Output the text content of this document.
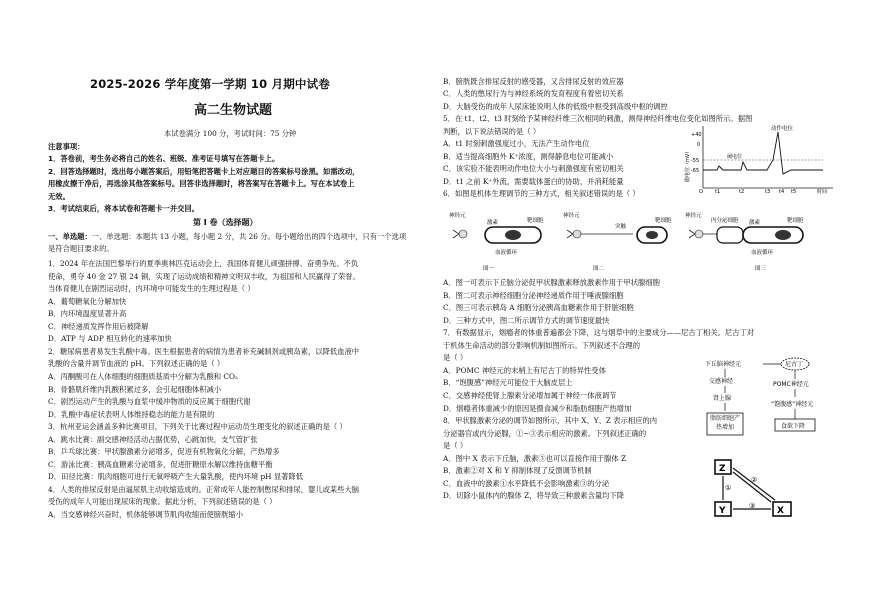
2025-2026 学年度第一学期 10 月期中试卷
高二生物试题
本试卷满分 100 分，考试时间：75 分钟
注意事项：
1．答卷前，考生务必将自己的姓名、班级、准考证号填写在答题卡上。
2．回答选择题时，选出每小题答案后，用铅笔把答题卡上对应题目的答案标号涂黑。如需改动，
用橡皮擦干净后，再选涂其他答案标号。回答非选择题时，将答案写在答题卡上。写在本试卷上
无效。
3．考试结束后，将本试卷和答题卡一并交回。
第 Ⅰ 卷（选择题）
一、单选题：一、单选题：本题共 13 小题，每小题 2 分，共 26 分。每小题给出的四个选项中，只有一个选项
是符合题目要求的。
1．2024 年在法国巴黎举行的夏季奥林匹克运动会上，我国体育健儿顽强拼搏、奋勇争先、不负
使命，勇夺 40 金 27 银 24 铜，实现了运动成绩和精神文明双丰收，为祖国和人民赢得了荣誉。
当体育健儿在剧烈运动时，内环境中可能发生的生理过程是（ ）
A．葡萄糖氧化分解加快
B．内环境温度显著升高
C．神经递质发挥作用后被降解
D．ATP 与 ADP 相互转化的速率加快
2．糖尿病患者易发生乳酸中毒。医生根据患者的病情为患者补充碱制剂或胰岛素，以降低血液中
乳酸的含量并调节血液的 pH。下列叙述正确的是（ ）
A．丙酮酸可在人体细胞的细胞质基质中分解为乳酸和 CO₂
B．骨骼肌纤维内乳酸积累过多，会引起细胞体积减小
C．剧烈运动产生的乳酸与血浆中缓冲物质的反应属于细胞代谢
D．乳酸中毒症状表明人体维持稳态的能力是有限的
3．杭州亚运会涵盖多种比赛项目，下列关于比赛过程中运动员生理变化的叙述正确的是（ ）
A．跳水比赛：副交感神经活动占据优势，心跳加快，支气管扩张
B．乒乓球比赛：甲状腺激素分泌增多，促进有机物氧化分解，产热增多
C．游泳比赛：胰高血糖素分泌增多，促进肝糖原水解以维持血糖平衡
D．田径比赛：肌肉细胞可进行无氧呼吸产生大量乳酸，使内环境 pH 显著降低
4．人类的排尿反射是由逼尿肌主动收缩造成的。正常成年人能控制憋尿和排尿，婴儿或某些大脑
受伤的成年人可能出现尿床的现象。据此分析，下列叙述错误的是（ ）
A．当交感神经兴奋时，机体能够调节肌肉收缩而使膀胱缩小
B．膀胱既含排尿反射的感受器，又含排尿反射的效应器
C．人类的憋尿行为与神经系统的发育程度有着密切关系
D．大脑受伤的成年人尿床能说明人体的低级中枢受到高级中枢的调控
5．在 t1、t2、t3 时刻给予某神经纤维三次相同的刺激，测得神经纤维电位变化如图所示。据图
判断，以下说法错误的是（ ）
A．t1 时刻刺激强度过小，无法产生动作电位
B．适当提高细胞外 K⁺浓度，测得静息电位可能减小
C．该实验不能表明动作电位大小与刺激强度有密切相关
D．t1 之前 K⁺外流，需要载体蛋白的协助，并消耗能量
6．如图是机体生理调节的三种方式，相关叙述错误的是（ ）
膜电位（mV）
动作电位
+40
0
-55
-65
阈电位
O t1	t2	t3 t4 t5	时间
神经元
激素	靶细胞
血液循环
图一
神经元
突触
靶细胞
图二
神经元
内分泌细胞 激素	靶细胞
血液循环
图三
A．图一可表示下丘脑分泌促甲状腺激素释放激素作用于甲状腺细胞
B．图二可表示神经细胞分泌神经递质作用于唾液腺细胞
C．图三可表示胰岛 A 细胞分泌胰高血糖素作用于肝脏细胞
D．三种方式中，图二所示调节方式的调节速度最快
7．有数据显示，烟瘾者的体重普遍都会下降，这与烟草中的主要成分——尼古丁相关。尼古丁对
于机体生命活动的部分影响机制如图所示。下列叙述不合理的
是（ ）
A．POMC 神经元的末梢上有尼古丁的特异性受体
B．“饱腹感”神经元可能位于大脑皮层上
C．交感神经使肾上腺素分泌增加属于神经一体液调节
D．烟瘾者体重减少的原因是摄食减少和脂肪细胞产热增加
8．甲状腺激素分泌的调节如图所示，其中 X、Y、Z 表示相应的内
分泌器官或内分泌腺，①~③表示相应的激素。下列叙述正确的
是（ ）
A．图中 X 表示下丘脑，激素③也可以直接作用于腺体 Z
B．激素②对 X 和 Y 抑制体现了反馈调节机制
C．血液中的激素①水平降低不会影响激素③的分泌
D．切除小鼠体内的腺体 Z，将导致三种激素含量均下降
下丘脑神经元	尼古丁
交感神经	POMC神经元
肾上腺
“饱腹感”神经元
脂肪细胞产热增加	食欲下降
Z
Y	X
①
②
③
